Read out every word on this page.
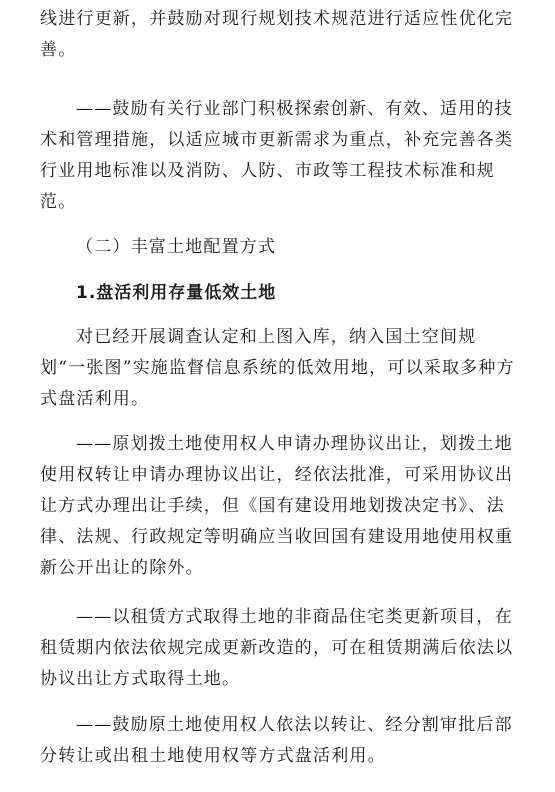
线进行更新，并鼓励对现行规划技术规范进行适应性优化完善。

——鼓励有关行业部门积极探索创新、有效、适用的技术和管理措施，以适应城市更新需求为重点，补充完善各类行业用地标准以及消防、人防、市政等工程技术标准和规范。

（二）丰富土地配置方式

1.盘活利用存量低效土地

对已经开展调查认定和上图入库，纳入国土空间规划“一张图”实施监督信息系统的低效用地，可以采取多种方式盘活利用。

——原划拨土地使用权人申请办理协议出让，划拨土地使用权转让申请办理协议出让，经依法批准，可采用协议出让方式办理出让手续，但《国有建设用地划拨决定书》、法律、法规、行政规定等明确应当收回国有建设用地使用权重新公开出让的除外。

——以租赁方式取得土地的非商品住宅类更新项目，在租赁期内依法依规完成更新改造的，可在租赁期满后依法以协议出让方式取得土地。

——鼓励原土地使用权人依法以转让、经分割审批后部分转让或出租土地使用权等方式盘活利用。
